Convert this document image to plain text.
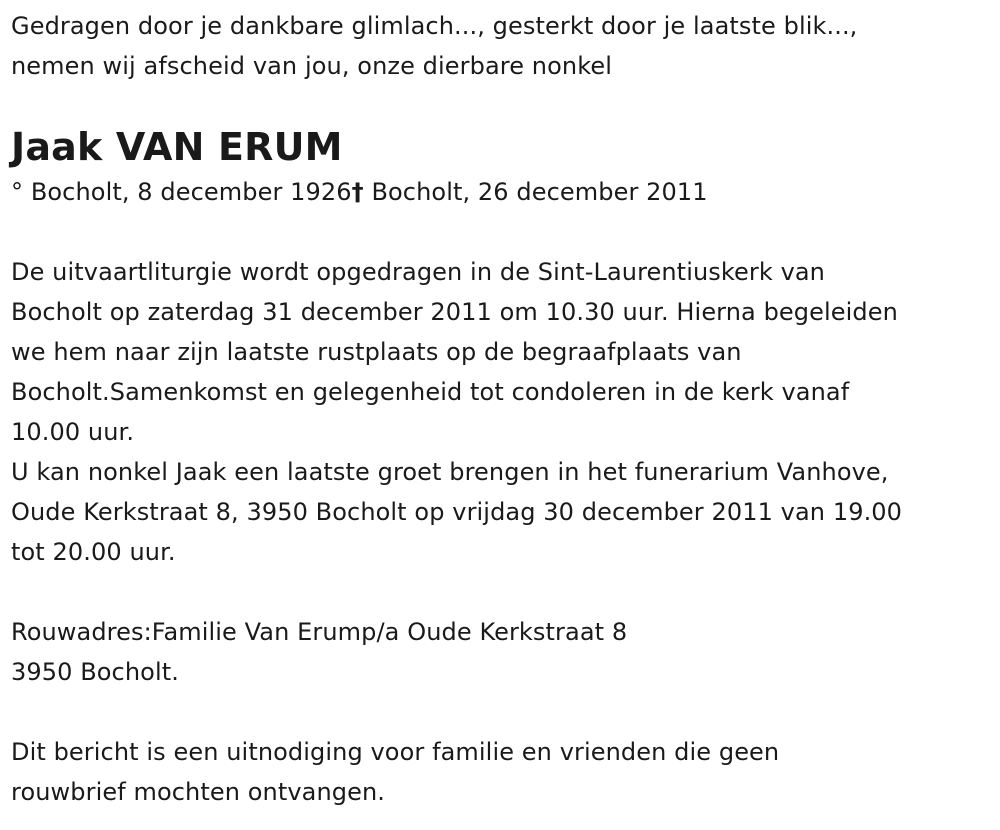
Gedragen door je dankbare glimlach..., gesterkt door je laatste blik...,
nemen wij afscheid van jou, onze dierbare nonkel
Jaak VAN ERUM
° Bocholt, 8 december 1926† Bocholt, 26 december 2011
De uitvaartliturgie wordt opgedragen in de Sint-Laurentiuskerk van
Bocholt op zaterdag 31 december 2011 om 10.30 uur. Hierna begeleiden
we hem naar zijn laatste rustplaats op de begraafplaats van
Bocholt.Samenkomst en gelegenheid tot condoleren in de kerk vanaf
10.00 uur.
U kan nonkel Jaak een laatste groet brengen in het funerarium Vanhove,
Oude Kerkstraat 8, 3950 Bocholt op vrijdag 30 december 2011 van 19.00
tot 20.00 uur.
Rouwadres:Familie Van Erump/a Oude Kerkstraat 8
3950 Bocholt.
Dit bericht is een uitnodiging voor familie en vrienden die geen
rouwbrief mochten ontvangen.
